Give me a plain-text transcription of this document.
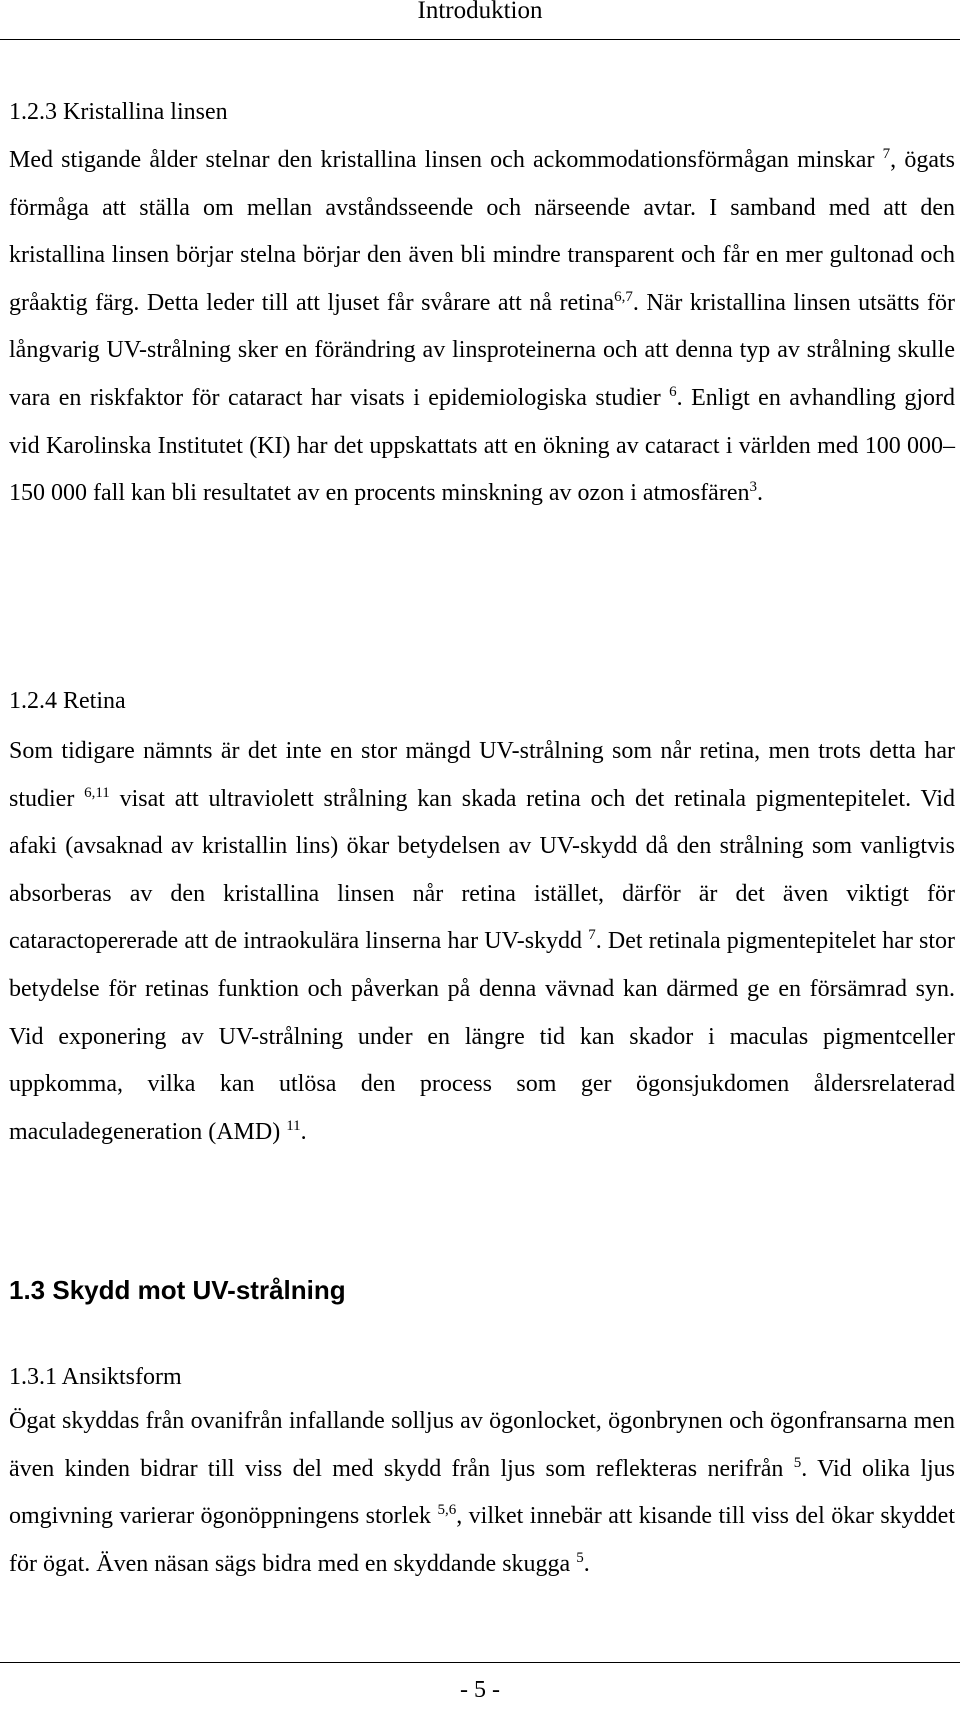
Introduktion
1.2.3 Kristallina linsen

Med stigande ålder stelnar den kristallina linsen och ackommodationsförmågan minskar $^7$, ögats förmåga att ställa om mellan avståndsseende och närseende avtar. I samband med att den kristallina linsen börjar stelna börjar den även bli mindre transparent och får en mer gultonad och gråaktig färg. Detta leder till att ljuset får svårare att nå retina$^{6,7}$. När kristallina linsen utsätts för långvarig UV-strålning sker en förändring av linsproteinerna och att denna typ av strålning skulle vara en riskfaktor för cataract har visats i epidemiologiska studier $^6$. Enligt en avhandling gjord vid Karolinska Institutet (KI) har det uppskattats att en ökning av cataract i världen med 100 000–150 000 fall kan bli resultatet av en procents minskning av ozon i atmosfären$^3$.

1.2.4 Retina

Som tidigare nämnts är det inte en stor mängd UV-strålning som når retina, men trots detta har studier $^{6,11}$ visat att ultraviolett strålning kan skada retina och det retinala pigmentepitelet. Vid afaki (avsaknad av kristallin lins) ökar betydelsen av UV-skydd då den strålning som vanligtvis absorberas av den kristallina linsen når retina istället, därför är det även viktigt för cataractopererade att de intraokulära linserna har UV-skydd $^7$. Det retinala pigmentepitelet har stor betydelse för retinas funktion och påverkan på denna vävnad kan därmed ge en försämrad syn. Vid exponering av UV-strålning under en längre tid kan skador i maculas pigmentceller uppkomma, vilka kan utlösa den process som ger ögonsjukdomen åldersrelaterad maculadegeneration (AMD) $^{11}$.

1.3 Skydd mot UV-strålning
1.3.1 Ansiktsform

Ögat skyddas från ovanifrån infallande solljus av ögonlocket, ögonbrynen och ögonfransarna men även kinden bidrar till viss del med skydd från ljus som reflekteras nerifrån $^5$. Vid olika ljus omgivning varierar ögonöppningens storlek $^{5,6}$, vilket innebär att kisande till viss del ökar skyddet för ögat. Även näsan sägs bidra med en skyddande skugga $^5$.

- 5 -
